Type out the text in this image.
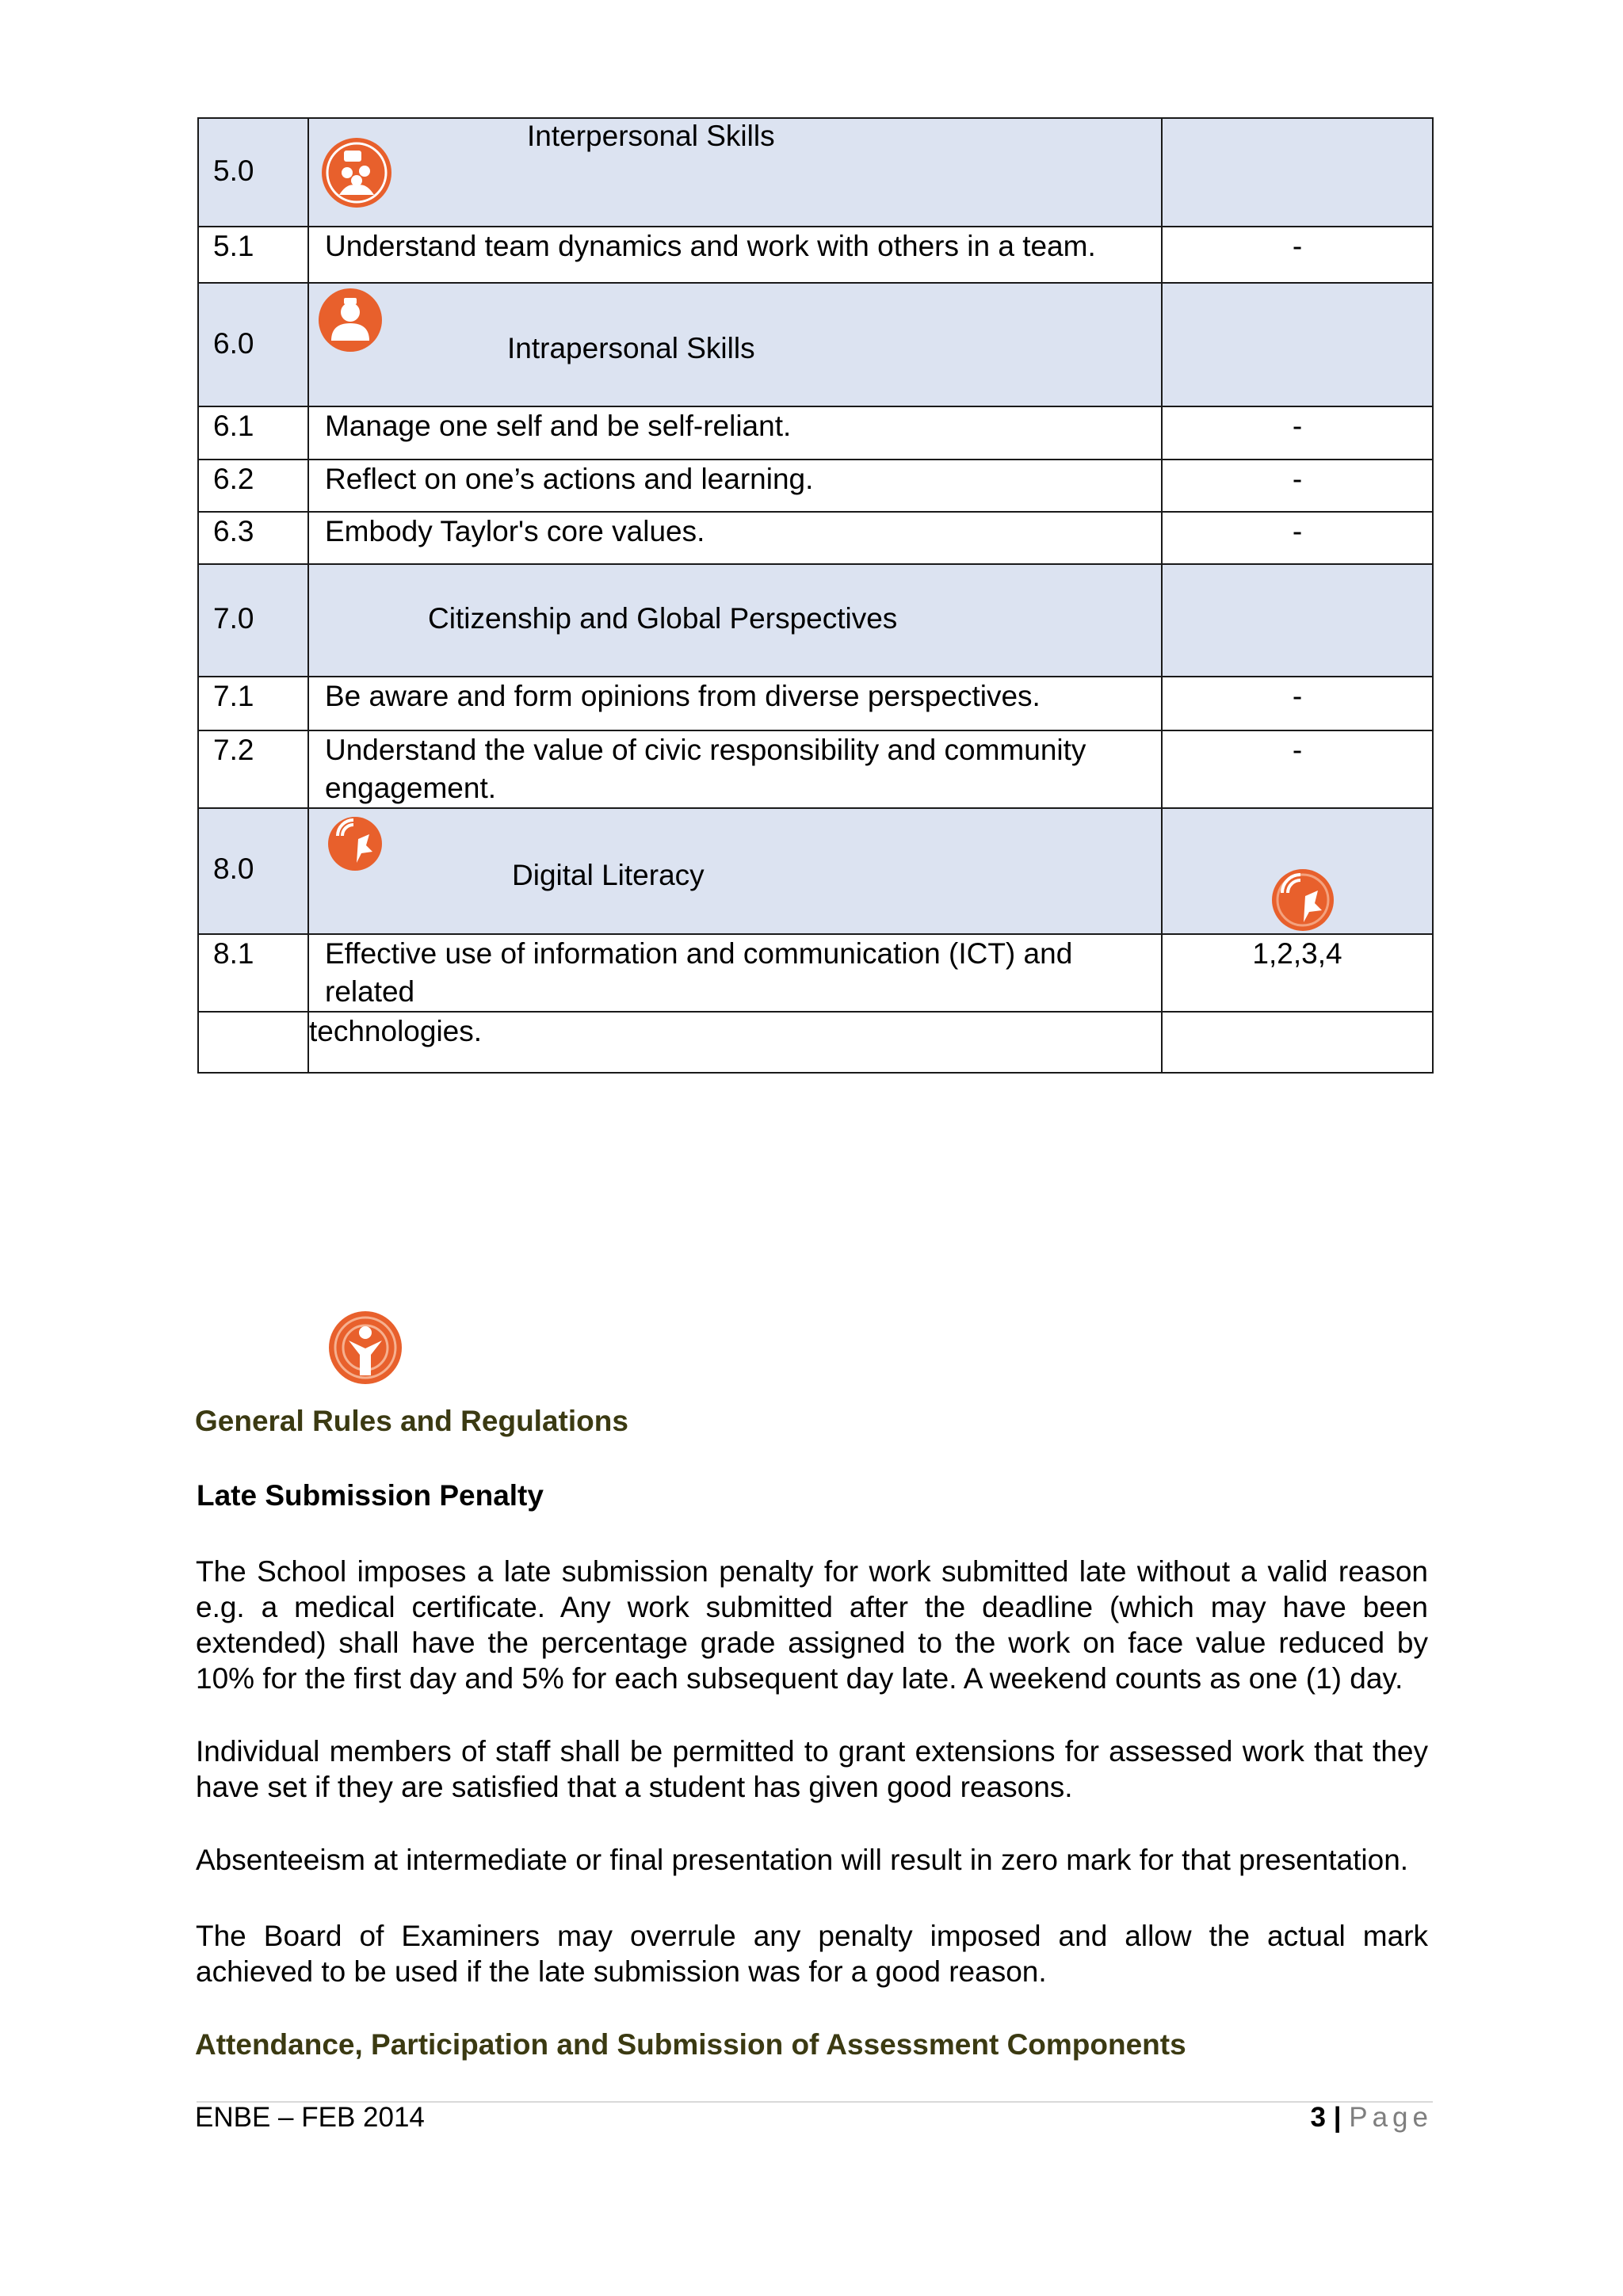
5.0	Interpersonal Skills	

5.1	Understand team dynamics and work with others in a team.	-

6.0	Intrapersonal Skills	

6.1	Manage one self and be self-reliant.	-
6.2	Reflect on one’s actions and learning.	-
6.3	Embody Taylor's core values.	-

7.0	Citizenship and Global Perspectives	

7.1	Be aware and form opinions from diverse perspectives.	-
7.2	Understand the value of civic responsibility and community engagement.	-

8.0	Digital Literacy

8.1	Effective use of information and communication (ICT) and related	1,2,3,4
	technologies.	
General Rules and Regulations
Late Submission Penalty

The School imposes a late submission penalty for work submitted late without a valid reason e.g. a medical certificate. Any work submitted after the deadline (which may have been extended) shall have the percentage grade assigned to the work on face value reduced by 10% for the first day and 5% for each subsequent day late. A weekend counts as one (1) day.

Individual members of staff shall be permitted to grant extensions for assessed work that they have set if they are satisfied that a student has given good reasons.

Absenteeism at intermediate or final presentation will result in zero mark for that presentation.

The Board of Examiners may overrule any penalty imposed and allow the actual mark achieved to be used if the late submission was for a good reason.

Attendance, Participation and Submission of Assessment Components
ENBE – FEB 2014	3 | Page
